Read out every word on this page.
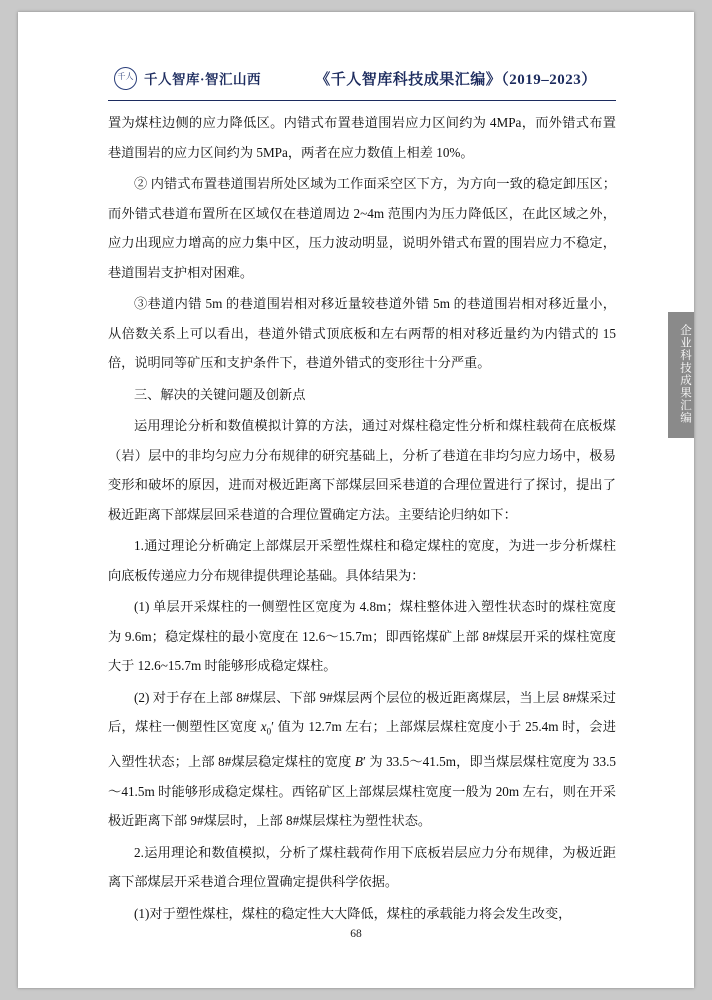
千人 千人智库·智汇山西	《千人智库科技成果汇编》（2019–2023）

置为煤柱边侧的应力降低区。内错式布置巷道围岩应力区间约为 4MPa，而外错式布置巷道围岩的应力区间约为 5MPa，两者在应力数值上相差 10%。

② 内错式布置巷道围岩所处区域为工作面采空区下方，为方向一致的稳定卸压区；而外错式巷道布置所在区域仅在巷道周边 2~4m 范围内为压力降低区，在此区域之外，应力出现应力增高的应力集中区，压力波动明显，说明外错式布置的围岩应力不稳定，巷道围岩支护相对困难。

③巷道内错 5m 的巷道围岩相对移近量较巷道外错 5m 的巷道围岩相对移近量小，从倍数关系上可以看出，巷道外错式顶底板和左右两帮的相对移近量约为内错式的 15 倍，说明同等矿压和支护条件下，巷道外错式的变形往十分严重。

三、解决的关键问题及创新点

运用理论分析和数值模拟计算的方法，通过对煤柱稳定性分析和煤柱载荷在底板煤（岩）层中的非均匀应力分布规律的研究基础上，分析了巷道在非均匀应力场中，极易变形和破坏的原因，进而对极近距离下部煤层回采巷道的合理位置进行了探讨，提出了极近距离下部煤层回采巷道的合理位置确定方法。主要结论归纳如下：

1.通过理论分析确定上部煤层开采塑性煤柱和稳定煤柱的宽度，为进一步分析煤柱向底板传递应力分布规律提供理论基础。具体结果为：

(1) 单层开采煤柱的一侧塑性区宽度为 4.8m；煤柱整体进入塑性状态时的煤柱宽度为 9.6m；稳定煤柱的最小宽度在 12.6～15.7m；即西铭煤矿上部 8#煤层开采的煤柱宽度大于 12.6~15.7m 时能够形成稳定煤柱。

(2) 对于存在上部 8#煤层、下部 9#煤层两个层位的极近距离煤层，当上层 8#煤采过后，煤柱一侧塑性区宽度 $x_0'$ 值为 12.7m 左右；上部煤层煤柱宽度小于 25.4m 时，会进入塑性状态；上部 8#煤层稳定煤柱的宽度 B′ 为 33.5～41.5m，即当煤层煤柱宽度为 33.5～41.5m 时能够形成稳定煤柱。西铭矿区上部煤层煤柱宽度一般为 20m 左右，则在开采极近距离下部 9#煤层时，上部 8#煤层煤柱为塑性状态。

2.运用理论和数值模拟，分析了煤柱载荷作用下底板岩层应力分布规律，为极近距离下部煤层开采巷道合理位置确定提供科学依据。

(1)对于塑性煤柱，煤柱的稳定性大大降低，煤柱的承载能力将会发生改变，

企业科技成果汇编
68
